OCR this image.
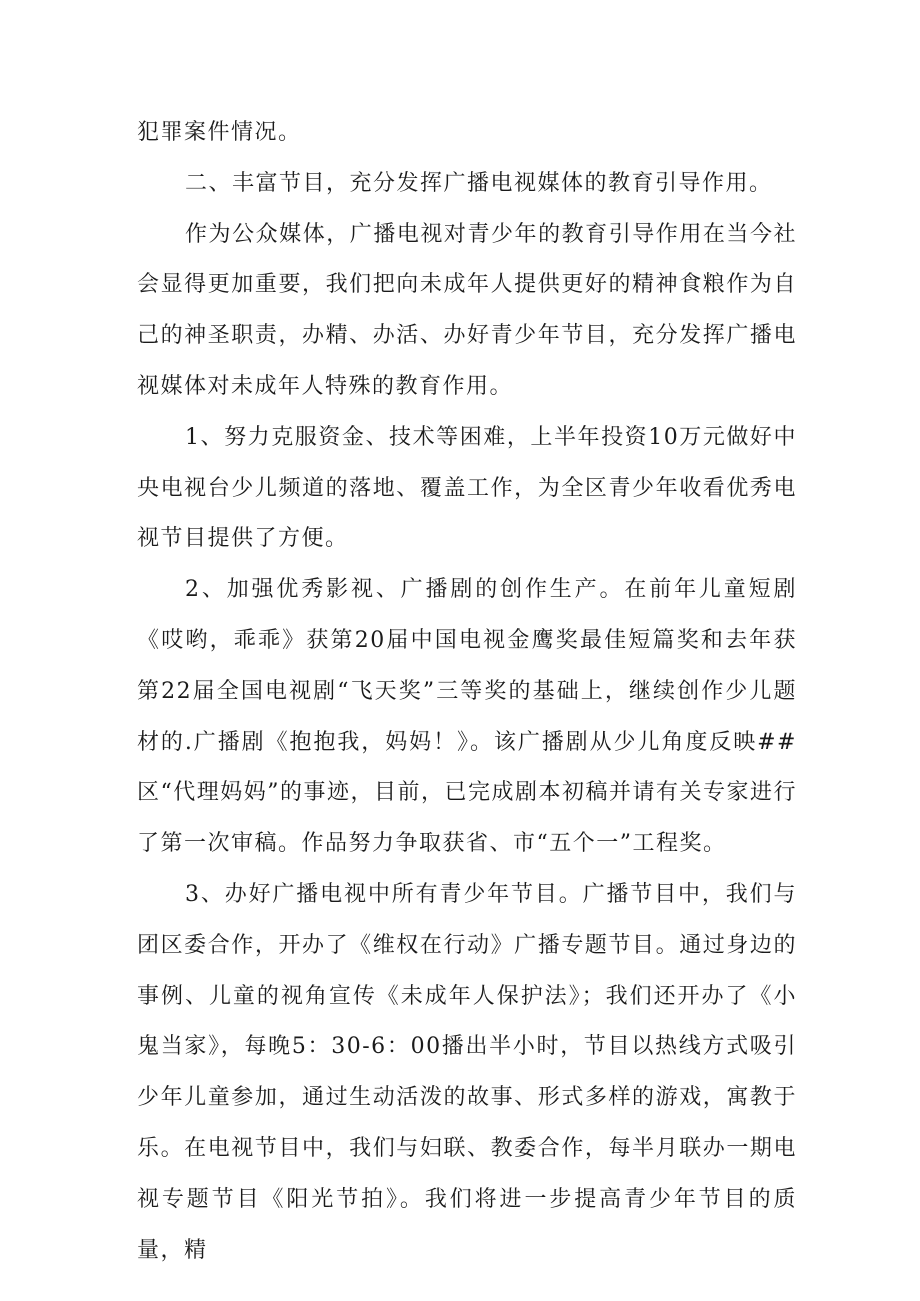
犯罪案件情况。

二、丰富节目，充分发挥广播电视媒体的教育引导作用。

作为公众媒体，广播电视对青少年的教育引导作用在当今社会显得更加重要，我们把向未成年人提供更好的精神食粮作为自己的神圣职责，办精、办活、办好青少年节目，充分发挥广播电视媒体对未成年人特殊的教育作用。

1、努力克服资金、技术等困难，上半年投资10万元做好中央电视台少儿频道的落地、覆盖工作，为全区青少年收看优秀电视节目提供了方便。

2、加强优秀影视、广播剧的创作生产。在前年儿童短剧《哎哟，乖乖》获第20届中国电视金鹰奖最佳短篇奖和去年获第22届全国电视剧“飞天奖”三等奖的基础上，继续创作少儿题材的.广播剧《抱抱我，妈妈！》。该广播剧从少儿角度反映##区“代理妈妈”的事迹，目前，已完成剧本初稿并请有关专家进行了第一次审稿。作品努力争取获省、市“五个一”工程奖。

3、办好广播电视中所有青少年节目。广播节目中，我们与团区委合作，开办了《维权在行动》广播专题节目。通过身边的事例、儿童的视角宣传《未成年人保护法》；我们还开办了《小鬼当家》，每晚5：30-6：00播出半小时，节目以热线方式吸引少年儿童参加，通过生动活泼的故事、形式多样的游戏，寓教于乐。在电视节目中，我们与妇联、教委合作，每半月联办一期电视专题节目《阳光节拍》。我们将进一步提高青少年节目的质量，精
